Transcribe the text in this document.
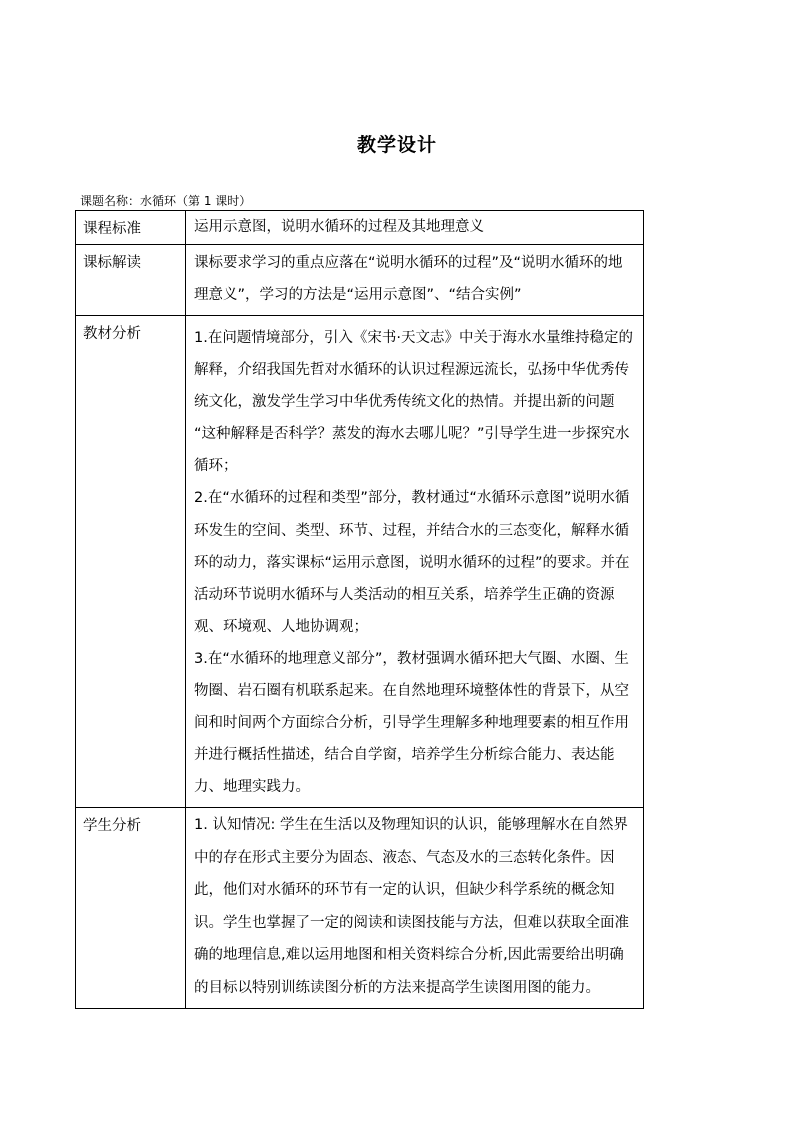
教学设计
课题名称：水循环（第 1 课时）
课程标准	运用示意图，说明水循环的过程及其地理意义
课标解读	课标要求学习的重点应落在“说明水循环的过程”及“说明水循环的地理意义”，学习的方法是“运用示意图”、“结合实例”
教材分析	1.在问题情境部分，引入《宋书·天文志》中关于海水水量维持稳定的解释，介绍我国先哲对水循环的认识过程源远流长，弘扬中华优秀传统文化，激发学生学习中华优秀传统文化的热情。并提出新的问题 “这种解释是否科学？蒸发的海水去哪儿呢？”引导学生进一步探究水循环；

2.在“水循环的过程和类型”部分，教材通过“水循环示意图”说明水循环发生的空间、类型、环节、过程，并结合水的三态变化，解释水循环的动力，落实课标“运用示意图，说明水循环的过程”的要求。并在活动环节说明水循环与人类活动的相互关系，培养学生正确的资源观、环境观、人地协调观；

3.在“水循环的地理意义部分”，教材强调水循环把大气圈、水圈、生物圈、岩石圈有机联系起来。在自然地理环境整体性的背景下，从空间和时间两个方面综合分析，引导学生理解多种地理要素的相互作用并进行概括性描述，结合自学窗，培养学生分析综合能力、表达能力、地理实践力。

学生分析	1. 认知情况: 学生在生活以及物理知识的认识，能够理解水在自然界中的存在形式主要分为固态、液态、气态及水的三态转化条件。因此，他们对水循环的环节有一定的认识，但缺少科学系统的概念知识。学生也掌握了一定的阅读和读图技能与方法，但难以获取全面准确的地理信息,难以运用地图和相关资料综合分析,因此需要给出明确的目标以特别训练读图分析的方法来提高学生读图用图的能力。
